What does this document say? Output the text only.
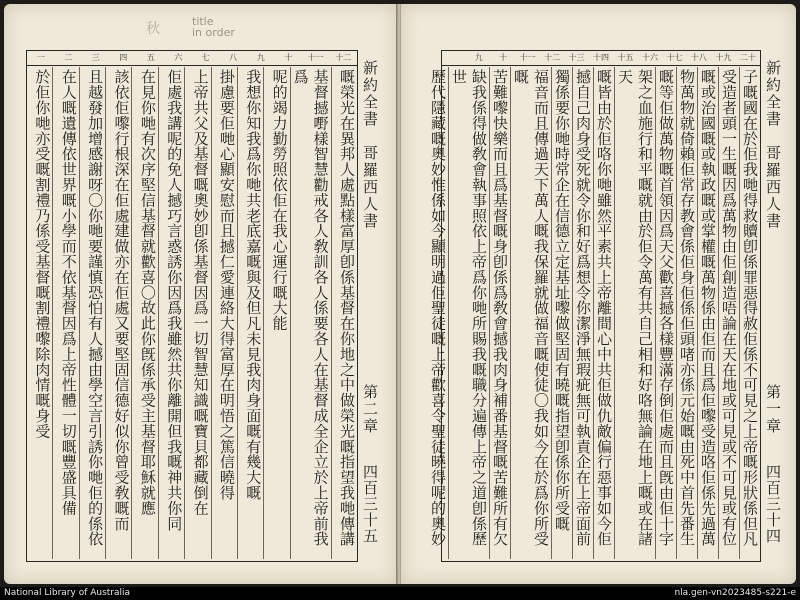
秋	title
in order
一	二	三	四	五	六	七	八	九	十	十一	十二
嘅榮光在異邦人處點樣富厚卽係基督在你地之中做榮光嘅指望我哋傳講
基督撼嘢樣智慧勸戒各人敎訓各人係要各人在基督成全企立於上帝前我爲
呢的竭力勤勞照依佢在我心運行嘅大能
我想你知我爲你哋共老底嘉嘅與及但凡未見我肉身面嘅有幾大嘅
掛慮要佢哋心顯安慰而且撼仁愛連絡大得富厚在明悟之篤信曉得
上帝共父及基督嘅奧妙卽係基督因爲一切智慧知識嘅寶貝都藏倒在
佢處我講呢的免人撼巧言惑誘你因爲我雖然共你離開但我嘅神共你同
在見你哋有次序堅信基督就歡喜〇故此你旣係承受主基督耶穌就應
該依佢嚟行根深在佢處建做亦在佢處又要堅固信德好似你曾受敎嘅而
且越發加增感謝呀〇你哋要謹慎恐怕有人撼由學空言引誘你哋佢的係依
在人嘅遺傳依世界嘅小學而不依基督因爲上帝性體一切嘅豐盛具備
於佢你哋亦受嘅割禮乃係受基督嘅割禮嚟除肉情嘅身受	新約全書　哥羅西人書
第二章
四百三十五
九	十	十一	十二	十三	十四	十五	十六	十七	十八	十九	二十
子嘅國在於佢我哋得救贖卽係罪惡得赦佢係不可見之上帝嘅形狀係但凡
受造者頭一生嘅因爲萬物由佢創造唔論在天在地或可見或不可見或有位
嘅或治國嘅或執政嘅或掌權嘅萬物係由佢而且爲佢嚟受造咯佢係先過萬
物萬物就倚賴佢常存教會係佢身佢係佢頭啫亦係元始嘅由死中首先番生
嘅等佢做萬物嘅首領因爲天父歡喜撼各樣豐滿存倒佢處而且旣由佢十字
架之血施行和平嘅就由於佢令萬有共自己相和好咯無論在地上嘅或在諸天
嘅皆由於佢咯你哋雖然平素共上帝離間心中共佢做仇敵偏行惡事如今佢
撼自己肉身受死就令你和好爲想令你潔淨無瑕疵無可執責企在上帝面前
獨係要你哋時常企在信德立定基址嚟做堅固有曉嘅指望卽係你所受嘅
福音而且傳過天下萬人嘅我保羅就做福音嘅使徒〇我如今在於爲你所受嘅
苦難嚟快樂而且爲基督嘅身卽係爲敎會撼我肉身補番基督嘅苦難所有欠
缺我係得做敎會執事照依上帝爲你哋所賜我嘅職分遍傳上帝之道卽係歷世
歷代隱藏嘅奧妙惟係如今顯明過佢聖徒嘅上帝歡喜令聖徒曉得呢的奧妙	新約全書　哥羅西人書
第一章
四百三十四
National Library of Australia	nla.gen-vn2023485-s221-e
